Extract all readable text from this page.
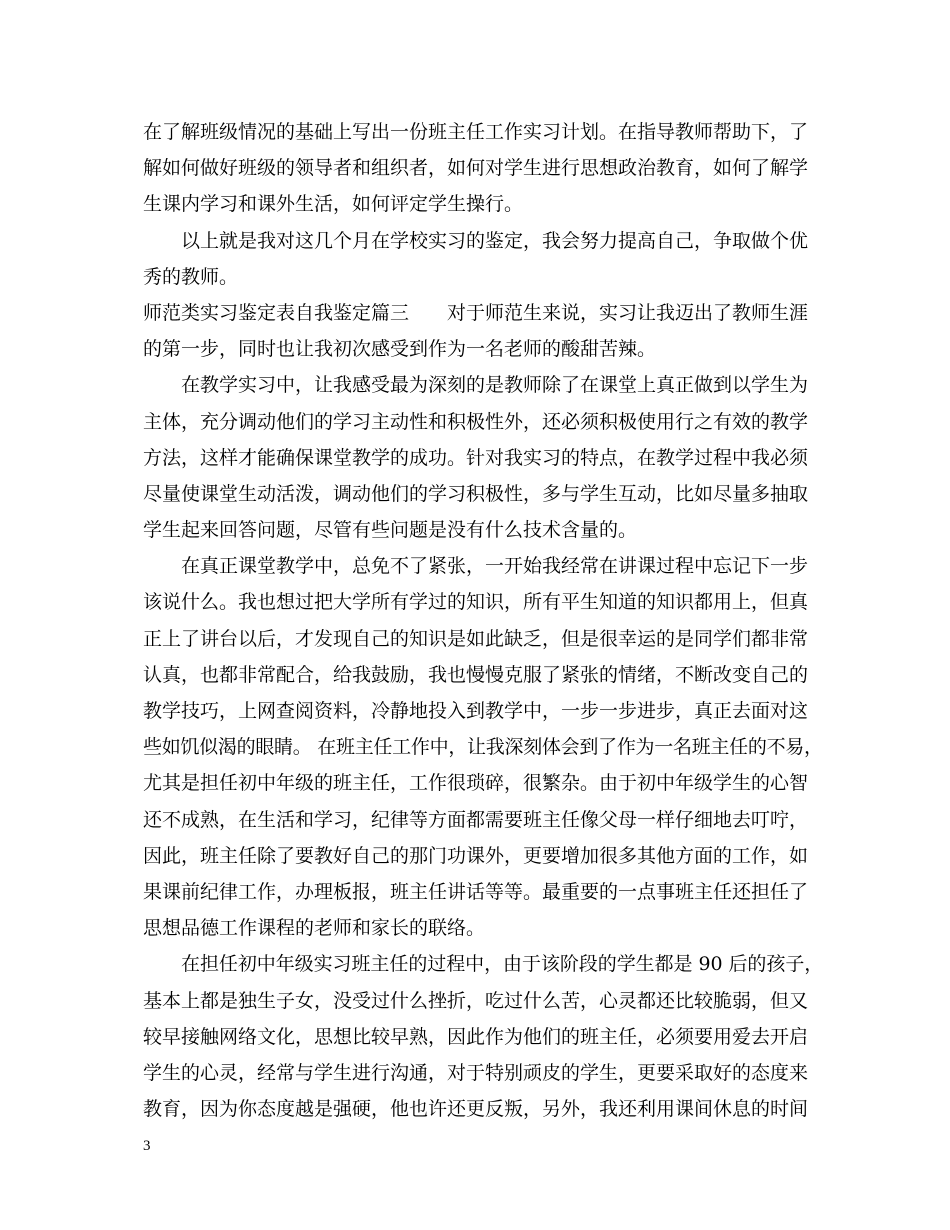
在了解班级情况的基础上写出一份班主任工作实习计划。在指导教师帮助下，了
解如何做好班级的领导者和组织者，如何对学生进行思想政治教育，如何了解学
生课内学习和课外生活，如何评定学生操行。
以上就是我对这几个月在学校实习的鉴定，我会努力提高自己，争取做个优
秀的教师。
师范类实习鉴定表自我鉴定篇三　　对于师范生来说，实习让我迈出了教师生涯
的第一步，同时也让我初次感受到作为一名老师的酸甜苦辣。
在教学实习中，让我感受最为深刻的是教师除了在课堂上真正做到以学生为
主体，充分调动他们的学习主动性和积极性外，还必须积极使用行之有效的教学
方法，这样才能确保课堂教学的成功。针对我实习的特点，在教学过程中我必须
尽量使课堂生动活泼，调动他们的学习积极性，多与学生互动，比如尽量多抽取
学生起来回答问题，尽管有些问题是没有什么技术含量的。
在真正课堂教学中，总免不了紧张，一开始我经常在讲课过程中忘记下一步
该说什么。我也想过把大学所有学过的知识，所有平生知道的知识都用上，但真
正上了讲台以后，才发现自己的知识是如此缺乏，但是很幸运的是同学们都非常
认真，也都非常配合，给我鼓励，我也慢慢克服了紧张的情绪，不断改变自己的
教学技巧，上网查阅资料，冷静地投入到教学中，一步一步进步，真正去面对这
些如饥似渴的眼睛。 在班主任工作中，让我深刻体会到了作为一名班主任的不易，
尤其是担任初中年级的班主任，工作很琐碎，很繁杂。由于初中年级学生的心智
还不成熟，在生活和学习，纪律等方面都需要班主任像父母一样仔细地去叮咛，
因此，班主任除了要教好自己的那门功课外，更要增加很多其他方面的工作，如
果课前纪律工作，办理板报，班主任讲话等等。最重要的一点事班主任还担任了
思想品德工作课程的老师和家长的联络。
在担任初中年级实习班主任的过程中，由于该阶段的学生都是 90 后的孩子，
基本上都是独生子女，没受过什么挫折，吃过什么苦，心灵都还比较脆弱，但又
较早接触网络文化，思想比较早熟，因此作为他们的班主任，必须要用爱去开启
学生的心灵，经常与学生进行沟通，对于特别顽皮的学生，更要采取好的态度来
教育，因为你态度越是强硬，他也许还更反叛，另外，我还利用课间休息的时间
3
